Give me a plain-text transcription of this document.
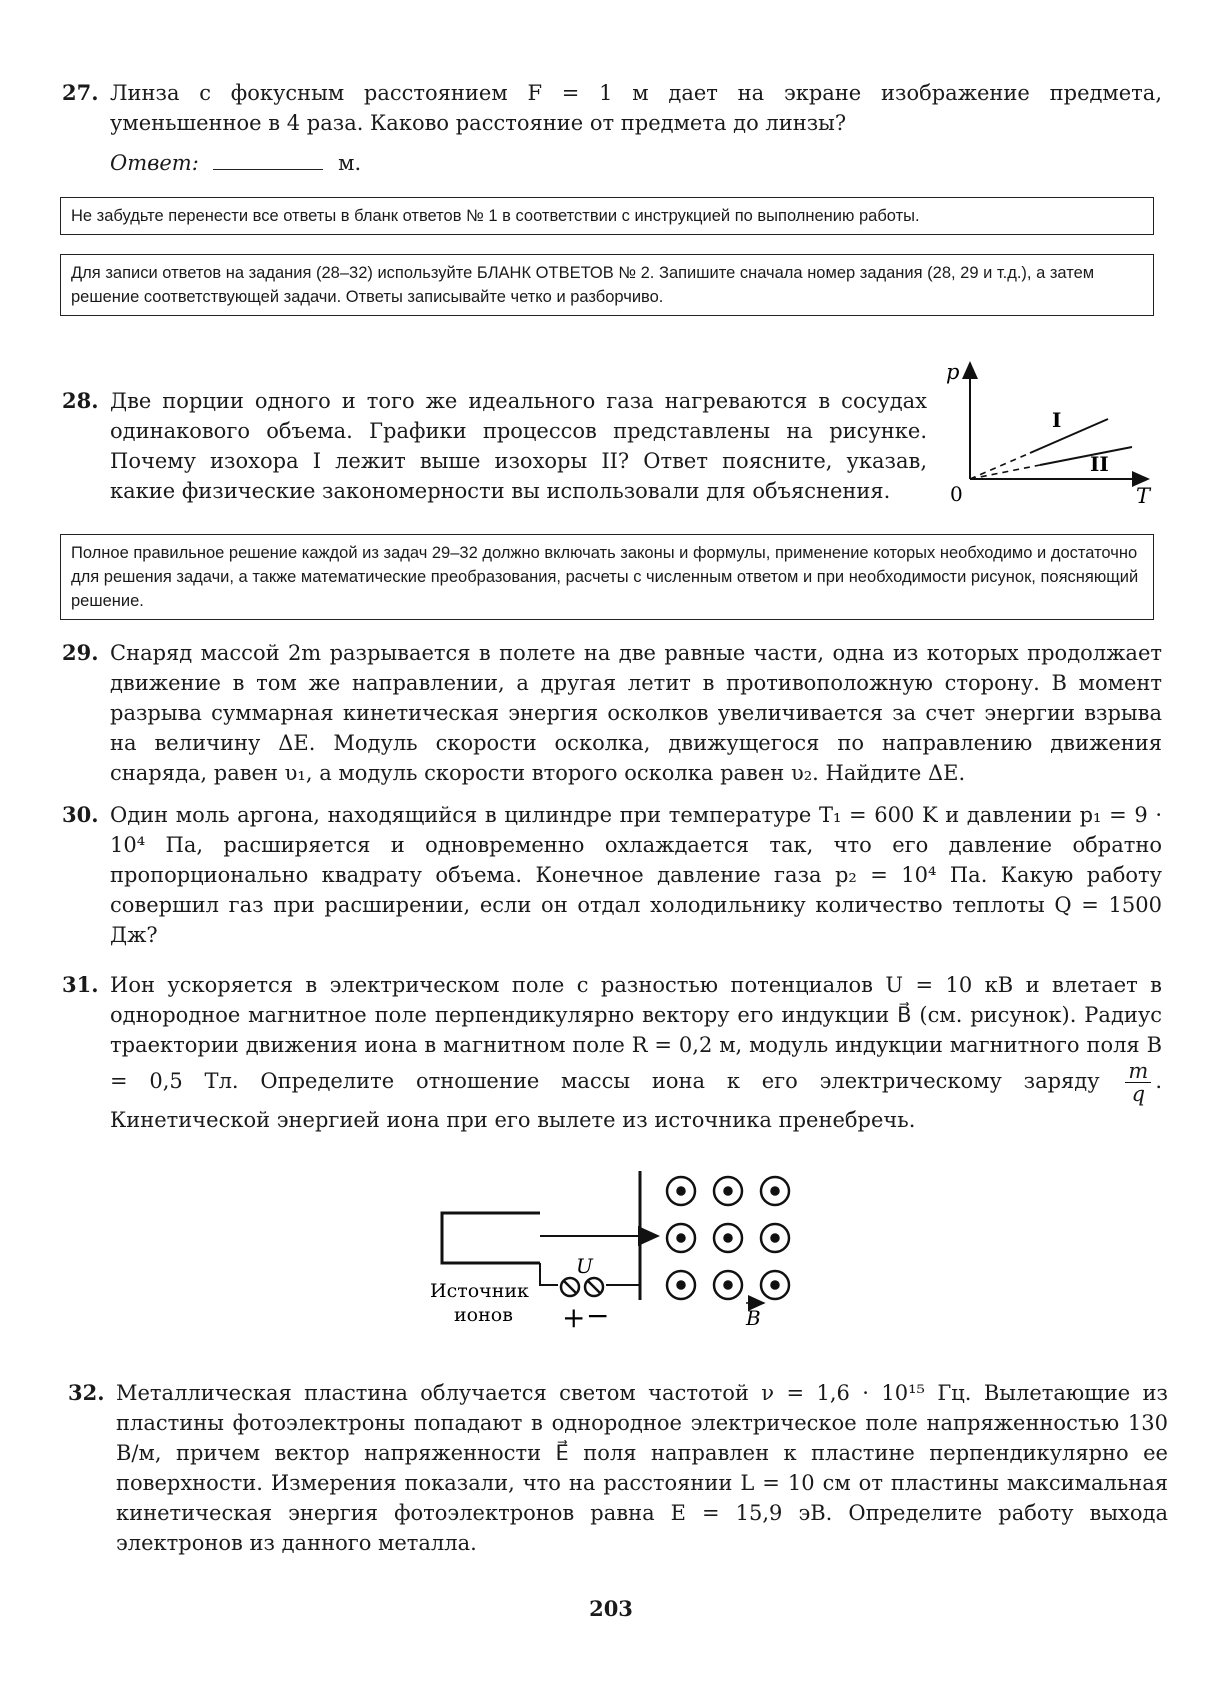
27. Линза с фокусным расстоянием F = 1 м дает на экране изображение предмета, уменьшенное в 4 раза. Каково расстояние от предмета до линзы?
Ответ:	м.
Не забудьте перенести все ответы в бланк ответов № 1 в соответствии с инструкцией по выполнению работы.
Для записи ответов на задания (28–32) используйте БЛАНК ОТВЕТОВ № 2. Запишите сначала номер задания (28, 29 и т.д.), а затем решение соответствующей задачи. Ответы записывайте четко и разборчиво.
28. Две порции одного и того же идеального газа нагреваются в сосудах одинакового объема. Графики процессов представлены на рисунке. Почему изохора I лежит выше изохоры II? Ответ поясните, указав, какие физические закономерности вы использовали для объяснения.
p
T
0
I
II
Полное правильное решение каждой из задач 29–32 должно включать законы и формулы, применение которых необходимо и достаточно для решения задачи, а также математические преобразования, расчеты с численным ответом и при необходимости рисунок, поясняющий решение.
29. Снаряд массой 2m разрывается в полете на две равные части, одна из которых продолжает движение в том же направлении, а другая летит в противоположную сторону. В момент разрыва суммарная кинетическая энергия осколков увеличивается за счет энергии взрыва на величину ΔE. Модуль скорости осколка, движущегося по направлению движения снаряда, равен υ₁, а модуль скорости второго осколка равен υ₂. Найдите ΔE.
30. Один моль аргона, находящийся в цилиндре при температуре T₁ = 600 K и давлении p₁ = 9 · 10⁴ Па, расширяется и одновременно охлаждается так, что его давление обратно пропорционально квадрату объема. Конечное давление газа p₂ = 10⁴ Па. Какую работу совершил газ при расширении, если он отдал холодильнику количество теплоты Q = 1500 Дж?
31. Ион ускоряется в электрическом поле с разностью потенциалов U = 10 кВ и влетает в однородное магнитное поле перпендикулярно вектору его индукции B⃗ (см. рисунок). Радиус траектории движения иона в магнитном поле R = 0,2 м, модуль индукции магнитного поля B = 0,5 Тл. Определите отношение массы иона к его электрическому заряду $\frac{m}{q}$ . Кинетической энергией иона при его вылете из источника пренебречь.
U
+ −
Источник
ионов	B
32. Металлическая пластина облучается светом частотой ν = 1,6 · 10¹⁵ Гц. Вылетающие из пластины фотоэлектроны попадают в однородное электрическое поле напряженностью 130 В/м, причем вектор напряженности E⃗ поля направлен к пластине перпендикулярно ее поверхности. Измерения показали, что на расстоянии L = 10 см от пластины максимальная кинетическая энергия фотоэлектронов равна E = 15,9 эВ. Определите работу выхода электронов из данного металла.
203
